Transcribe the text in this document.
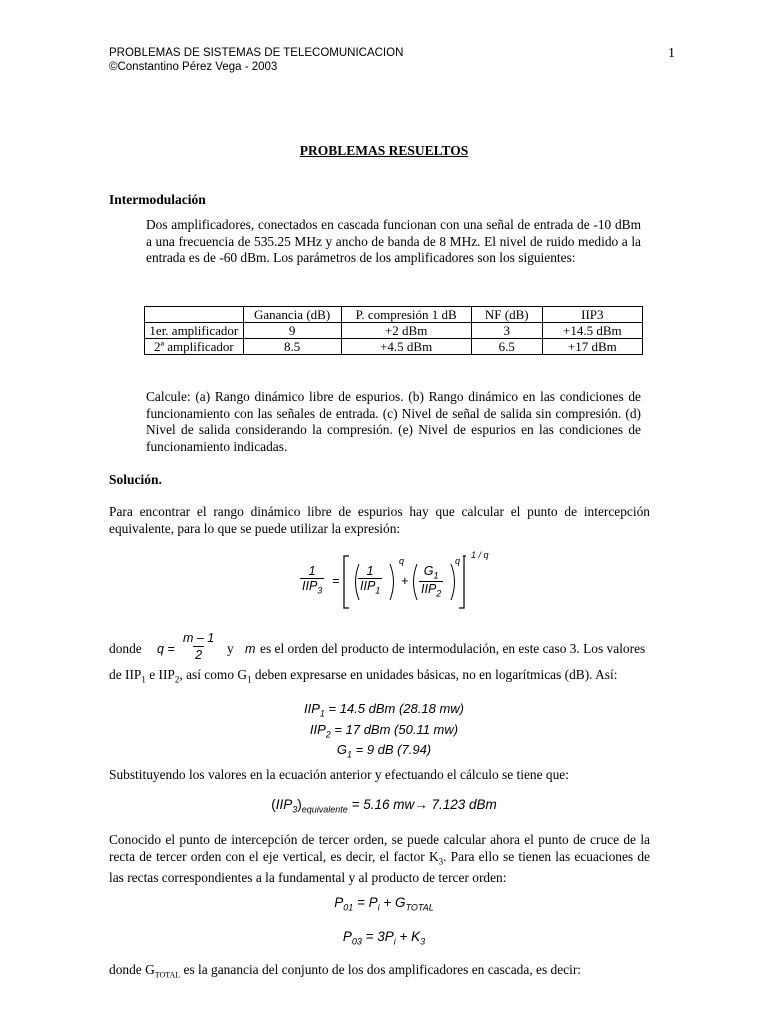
PROBLEMAS DE SISTEMAS DE TELECOMUNICACION
©Constantino Pérez Vega - 2003
1
PROBLEMAS RESUELTOS
Intermodulación
Dos amplificadores, conectados en cascada funcionan con una señal de entrada de -10 dBm a una frecuencia de 535.25 MHz y ancho de banda de 8 MHz. El nivel de ruido medido a la entrada es de -60 dBm. Los parámetros de los amplificadores son los siguientes:
	Ganancia (dB)	P. compresión 1 dB	NF (dB)	IIP3
1er. amplificador	9	+2 dBm	3	+14.5 dBm
2ª amplificador	8.5	+4.5 dBm	6.5	+17 dBm
Calcule: (a) Rango dinámico libre de espurios. (b) Rango dinámico en las condiciones de funcionamiento con las señales de entrada. (c) Nivel de señal de salida sin compresión. (d) Nivel de salida considerando la compresión. (e) Nivel de espurios en las condiciones de funcionamiento indicadas.
Solución.
Para encontrar el rango dinámico libre de espurios hay que calcular el punto de intercepción equivalente, para lo que se puede utilizar la expresión:
1
$IIP_3$
=
1
$IIP_1$
q
+
$G_1$
$IIP_2$
q
1 / q
donde $q = \frac{m - 1}{2}$ y m es el orden del producto de intermodulación, en este caso 3. Los valores
de $IIP_1$ e $IIP_2$, así como $G_1$ deben expresarse en unidades básicas, no en logarítmicas (dB). Así:
$IIP_1 = 14.5$ dBm (28.18 mw)
$IIP_2 = 17$ dBm (50.11 mw)
$G_1 = 9$ dB (7.94)
Substituyendo los valores en la ecuación anterior y efectuando el cálculo se tiene que:
$(IIP_3)_{equivalente} = 5.16$ mw→ 7.123 dBm
Conocido el punto de intercepción de tercer orden, se puede calcular ahora el punto de cruce de la recta de tercer orden con el eje vertical, es decir, el factor $K_3$. Para ello se tienen las ecuaciones de las rectas correspondientes a la fundamental y al producto de tercer orden:
$P_{01} = P_i + G_{TOTAL}$
$P_{03} = 3P_i + K_3$
donde $G_{TOTAL}$ es la ganancia del conjunto de los dos amplificadores en cascada, es decir:
